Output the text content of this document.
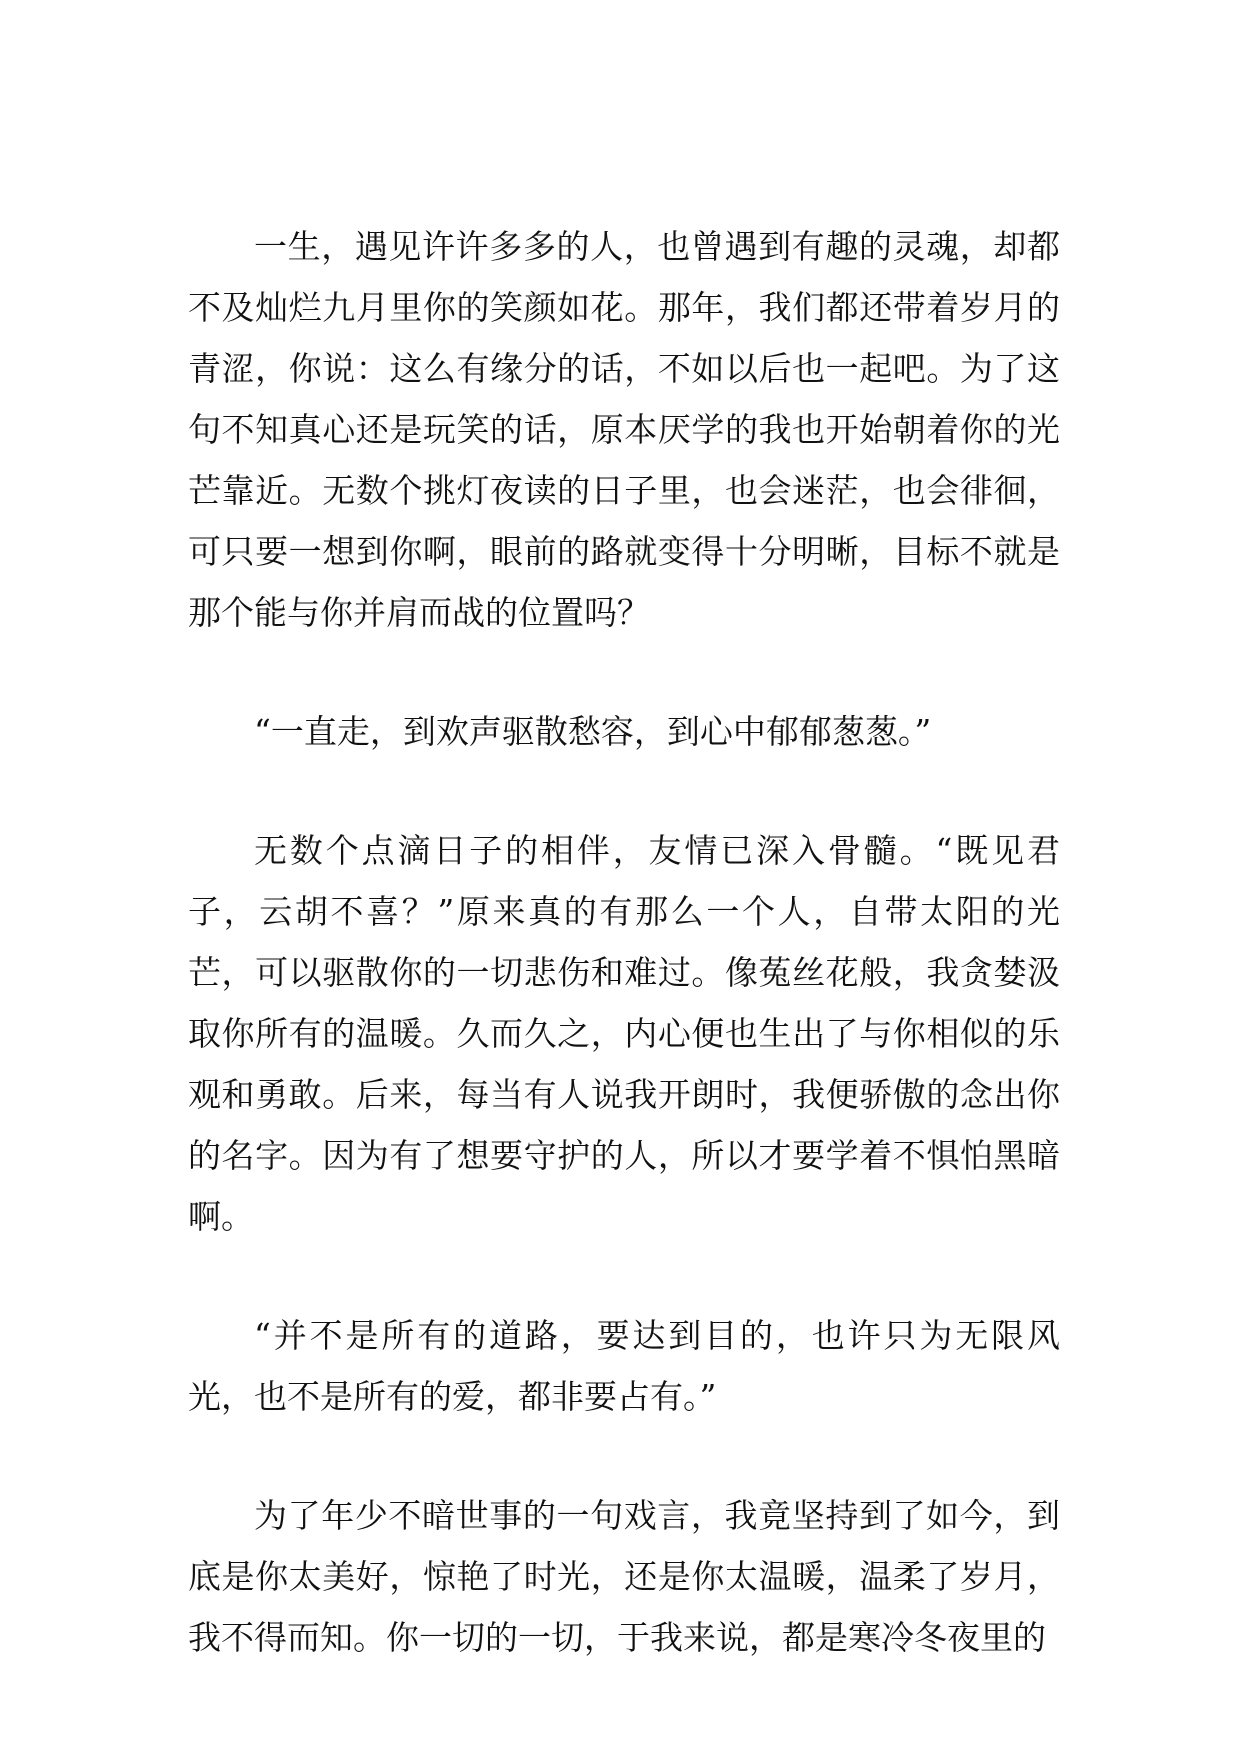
一生，遇见许许多多的人，也曾遇到有趣的灵魂，却都不及灿烂九月里你的笑颜如花。那年，我们都还带着岁月的青涩，你说：这么有缘分的话，不如以后也一起吧。为了这句不知真心还是玩笑的话，原本厌学的我也开始朝着你的光芒靠近。无数个挑灯夜读的日子里，也会迷茫，也会徘徊，可只要一想到你啊，眼前的路就变得十分明晰，目标不就是那个能与你并肩而战的位置吗？

“一直走，到欢声驱散愁容，到心中郁郁葱葱。”

无数个点滴日子的相伴，友情已深入骨髓。“既见君子，云胡不喜？”原来真的有那么一个人，自带太阳的光芒，可以驱散你的一切悲伤和难过。像菟丝花般，我贪婪汲取你所有的温暖。久而久之，内心便也生出了与你相似的乐观和勇敢。后来，每当有人说我开朗时，我便骄傲的念出你的名字。因为有了想要守护的人，所以才要学着不惧怕黑暗啊。

“并不是所有的道路，要达到目的，也许只为无限风光，也不是所有的爱，都非要占有。”

为了年少不暗世事的一句戏言，我竟坚持到了如今，到底是你太美好，惊艳了时光，还是你太温暖，温柔了岁月，我不得而知。你一切的一切，于我来说，都是寒冷冬夜里的
